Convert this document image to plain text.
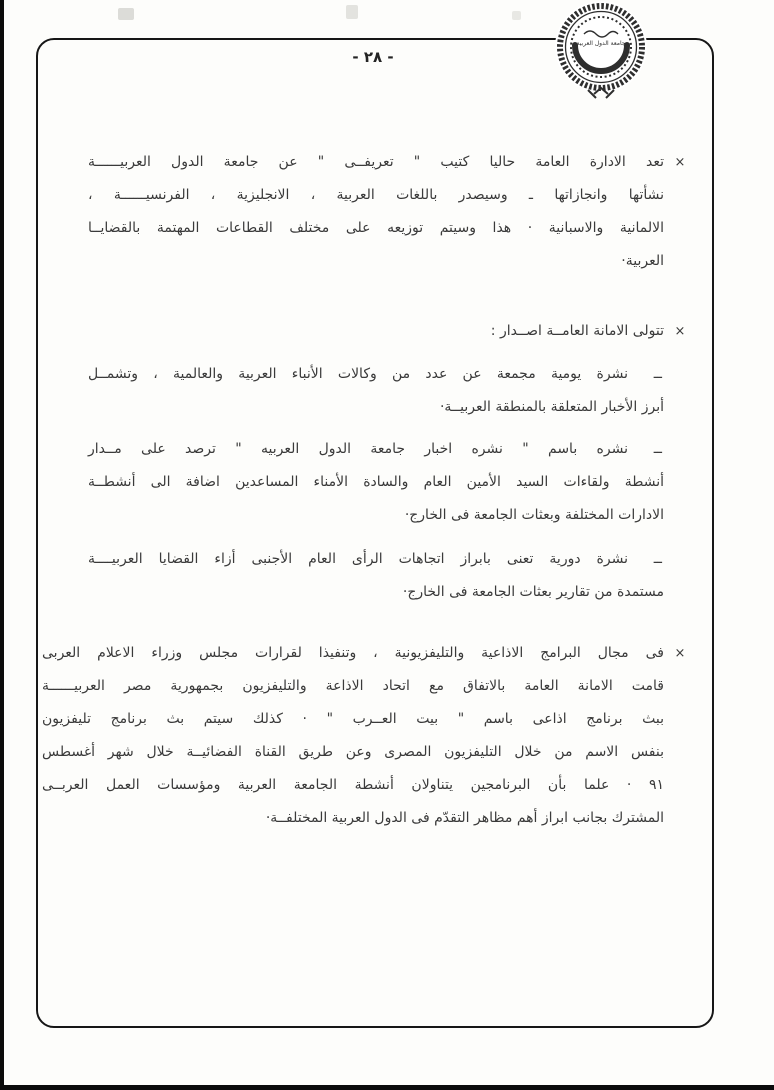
جامعة الدول العربية
- ٢٨ -
×
تعد الادارة العامة حاليا كتيب " تعريفــى " عن جامعة الدول العربيــــــة
نشأتها وانجازاتها ـ وسيصدر باللغات العربية ، الانجليزية ، الفرنسيــــــة ،
الالمانية والاسبانية · هذا وسيتم توزيعه على مختلف القطاعات المهتمة بالقضايــا
العربية·
×
تتولى الامانة العامــة اصــدار :
ــ
نشرة يومية مجمعة عن عدد من وكالات الأنباء العربية والعالمية ، وتشمــل
أبرز الأخبار المتعلقة بالمنطقة العربيــة·
ــ
نشره باسم " نشره اخبار جامعة الدول العربيه " ترصد على مــدار
أنشطة ولقاءات السيد الأمين العام والسادة الأمناء المساعدين اضافة الى أنشطــة
الادارات المختلفة وبعثات الجامعة فى الخارج·
ــ
نشرة دورية تعنى بابراز اتجاهات الرأى العام الأجنبى أزاء القضايا العربيــــة
مستمدة من تقارير بعثات الجامعة فى الخارج·
×
فى مجال البرامج الاذاعية والتليفزيونية ، وتنفيذا لقرارات مجلس وزراء الاعلام العربى
قامت الامانة العامة بالاتفاق مع اتحاد الاذاعة والتليفزيون بجمهورية مصر العربيــــــة
ببث برنامج اذاعى باسم " بيت العــرب " · كذلك سيتم بث برنامج تليفزيون
بنفس الاسم من خلال التليفزيون المصرى وعن طريق القناة الفضائيــة خلال شهر أغسطس
٩١ · علما بأن البرنامجين يتناولان أنشطة الجامعة العربية ومؤسسات العمل العربــى
المشترك بجانب ابراز أهم مظاهر التقدّم فى الدول العربية المختلفــة·
